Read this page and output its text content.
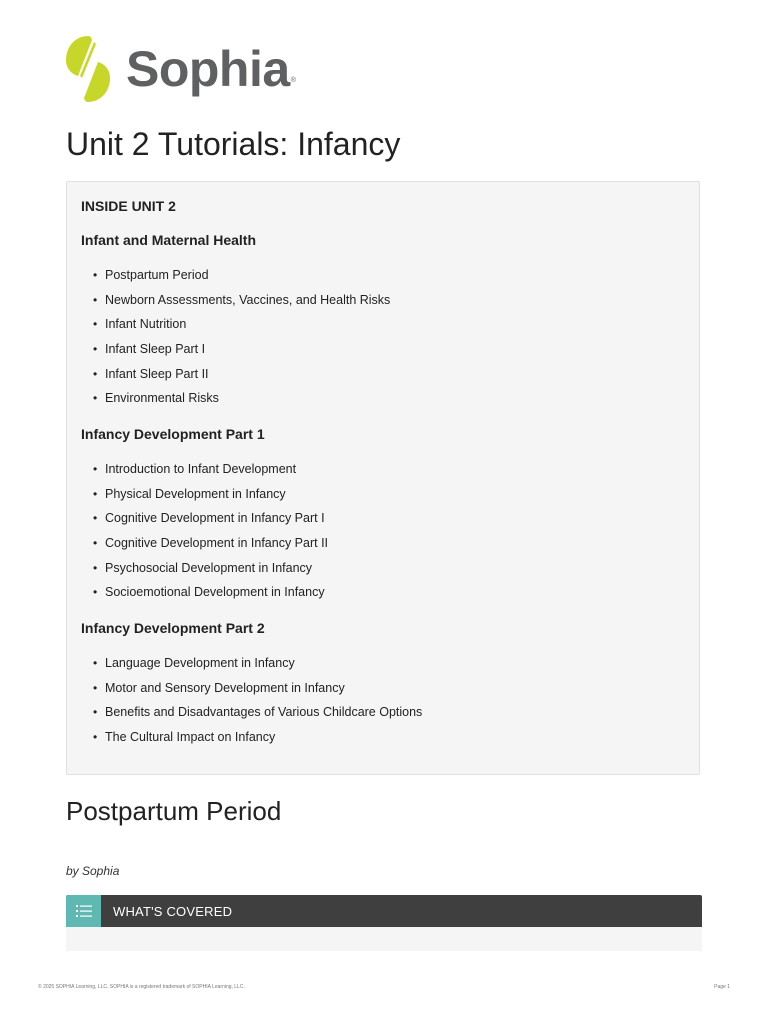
Sophia ®
Unit 2 Tutorials: Infancy
INSIDE UNIT 2
Infant and Maternal Health
• Postpartum Period
• Newborn Assessments, Vaccines, and Health Risks
• Infant Nutrition
• Infant Sleep Part I
• Infant Sleep Part II
• Environmental Risks
Infancy Development Part 1
• Introduction to Infant Development
• Physical Development in Infancy
• Cognitive Development in Infancy Part I
• Cognitive Development in Infancy Part II
• Psychosocial Development in Infancy
• Socioemotional Development in Infancy
Infancy Development Part 2
• Language Development in Infancy
• Motor and Sensory Development in Infancy
• Benefits and Disadvantages of Various Childcare Options
• The Cultural Impact on Infancy
Postpartum Period
by Sophia
WHAT'S COVERED
© 2025 SOPHIA Learning, LLC. SOPHIA is a registered trademark of SOPHIA Learning, LLC.	Page 1
